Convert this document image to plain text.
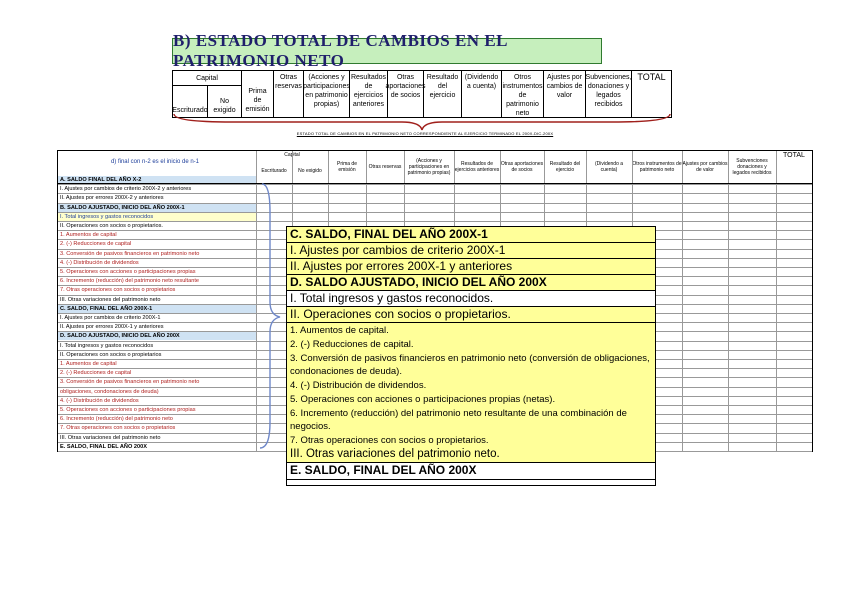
B) ESTADO TOTAL DE CAMBIOS EN EL PATRIMONIO NETO
Capital
Escriturado
No exigido
Prima de emisión
Otras reservas
(Acciones y participaciones en patrimonio propias)
Resultados de ejercicios anteriores
Otras aportaciones de socios
Resultado del ejercicio
(Dividendo a cuenta)
Otros instrumentos de patrimonio neto
Ajustes por cambios de valor
Subvenciones, donaciones y legados recibidos
TOTAL
ESTADO TOTAL DE CAMBIOS EN EL PATRIMONIO NETO CORRESPONDIENTE AL EJERCICIO TERMINADO EL 200X-DIC-200X
d) final con n-2 es el inicio de n-1
Capital
Escriturado	No exigido
Prima de emisión	Otras reservas
(Acciones y participaciones en patrimonio propias)
Resultados de ejercicios anteriores
Otras aportaciones de socios
Resultado del ejercicio
(Dividendo a cuenta)
Otros instrumentos de patrimonio neto
Ajustes por cambios de valor
Subvenciones donaciones y legados recibidos
TOTAL
A. SALDO FINAL DEL AÑO X-2
I. Ajustes por cambios de criterio 200X-2 y anteriores
II. Ajustes por errores 200X-2 y anteriores
B. SALDO AJUSTADO, INICIO DEL AÑO 200X-1
I. Total ingresos y gastos reconocidos
II. Operaciones con socios o propietarios.
1. Aumentos de capital
2. (-) Reducciones de capital
3. Conversión de pasivos financieros en patrimonio neto
4. (-) Distribución de dividendos
5. Operaciones con acciones o participaciones propias
6. Incremento (reducción) del patrimonio neto resultante
7. Otras operaciones con socios o propietarios
III. Otras variaciones del patrimonio neto
C. SALDO, FINAL DEL AÑO 200X-1
I. Ajustes por cambios de criterio 200X-1
II. Ajustes por errores 200X-1 y anteriores
D. SALDO AJUSTADO, INICIO DEL AÑO 200X
I. Total ingresos y gastos reconocidos
II. Operaciones con socios o propietarios
1. Aumentos de capital
2. (-) Reducciones de capital
3. Conversión de pasivos financieros en patrimonio neto
obligaciones, condonaciones de deuda)
4. (-) Distribución de dividendos
5. Operaciones con acciones o participaciones propias
6. Incremento (reducción) del patrimonio neto
7. Otras operaciones con socios o propietarios
III. Otras variaciones del patrimonio neto
E. SALDO, FINAL DEL AÑO 200X
C. SALDO, FINAL DEL AÑO 200X-1
I. Ajustes por cambios de criterio 200X-1
II. Ajustes por errores 200X-1 y anteriores
D. SALDO AJUSTADO, INICIO DEL AÑO 200X
I. Total ingresos y gastos reconocidos.
II. Operaciones con socios o propietarios.
1. Aumentos de capital.
2. (-) Reducciones de capital.
3. Conversión de pasivos financieros en patrimonio neto (conversión de obligaciones, condonaciones de deuda).
4. (-) Distribución de dividendos.
5. Operaciones con acciones o participaciones propias (netas).
6. Incremento (reducción) del patrimonio neto resultante de una combinación de negocios.
7. Otras operaciones con socios o propietarios.
III. Otras variaciones del patrimonio neto.
E. SALDO, FINAL DEL AÑO 200X
